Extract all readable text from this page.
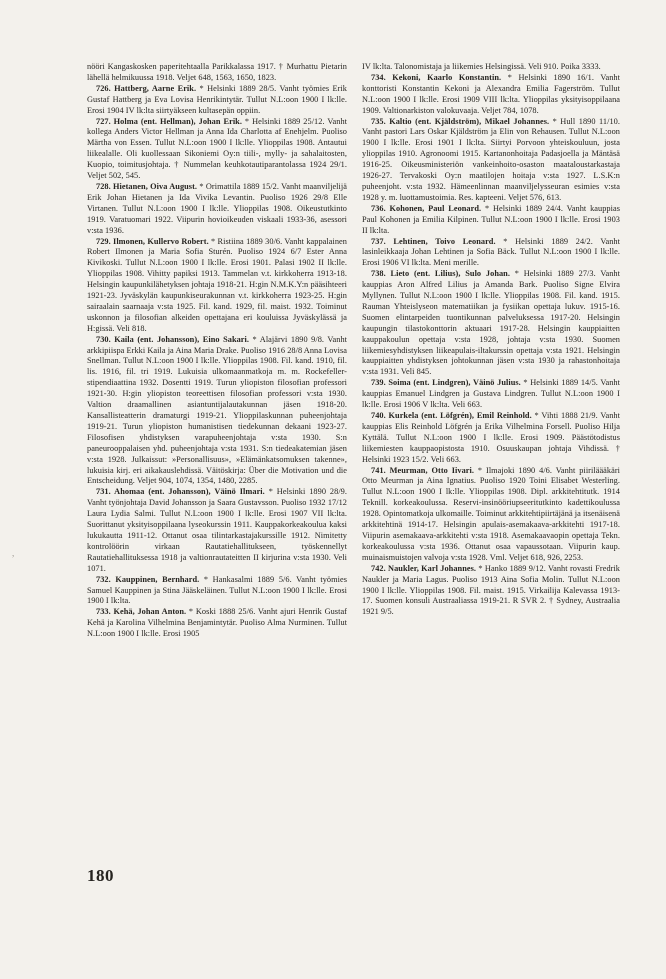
,

nööri Kangaskosken paperitehtaalla Parikkalassa 1917. † Murhattu Pietarin lähellä helmikuussa 1918. Veljet 648, 1563, 1650, 1823.

726. Hattberg, Aarne Erik. * Helsinki 1889 28/5. Vanht työmies Erik Gustaf Hattberg ja Eva Lovisa Henrikintytär. Tullut N.L:oon 1900 I lk:lle. Erosi 1904 IV lk:lta siirtyäkseen kultasepän oppiin.

727. Holma (ent. Hellman), Johan Erik. * Helsinki 1889 25/12. Vanht kollega Anders Victor Hellman ja Anna Ida Charlotta af Enehjelm. Puoliso Märtha von Essen. Tullut N.L:oon 1900 I lk:lle. Ylioppilas 1908. Antautui liikealalle. Oli kuollessaan Sikoniemi Oy:n tiili-, mylly- ja sahalaitosten, Kuopio, toimitusjohtaja. † Nummelan keuhkotautiparantolassa 1924 29/1. Veljet 502, 545.

728. Hietanen, Oiva August. * Orimattila 1889 15/2. Vanht maanviljelijä Erik Johan Hietanen ja Ida Vivika Levantin. Puoliso 1926 29/8 Elle Virtanen. Tullut N.L:oon 1900 I lk:lle. Ylioppilas 1908. Oikeustutkinto 1919. Varatuomari 1922. Viipurin hovioikeuden viskaali 1933-36, asessori v:sta 1936.

729. Ilmonen, Kullervo Robert. * Ristiina 1889 30/6. Vanht kappalainen Robert Ilmonen ja Maria Sofia Sturén. Puoliso 1924 6/7 Ester Anna Kivikoski. Tullut N.L:oon 1900 I lk:lle. Erosi 1901. Palasi 1902 II lk:lle. Ylioppilas 1908. Vihitty papiksi 1913. Tammelan v.t. kirkkoherra 1913-18. Helsingin kaupunkilähetyksen johtaja 1918-21. H:gin N.M.K.Y:n pääsihteeri 1921-23. Jyväskylän kaupunkiseurakunnan v.t. kirkkoherra 1923-25. H:gin sairaalain saarnaaja v:sta 1925. Fil. kand. 1929, fil. maist. 1932. Toiminut uskonnon ja filosofian alkeiden opettajana eri kouluissa Jyväskylässä ja H:gissä. Veli 818.

730. Kaila (ent. Johansson), Eino Sakari. * Alajärvi 1890 9/8. Vanht arkkipiispa Erkki Kaila ja Aina Maria Drake. Puoliso 1916 28/8 Anna Lovisa Snellman. Tullut N.L:oon 1900 I lk:lle. Ylioppilas 1908. Fil. kand. 1910, fil. lis. 1916, fil. tri 1919. Lukuisia ulkomaanmatkoja m. m. Rockefeller-stipendiaattina 1932. Dosentti 1919. Turun yliopiston filosofian professori 1921-30. H:gin yliopiston teoreettisen filosofian professori v:sta 1930. Valtion draamallinen asiantuntijalautakunnan jäsen 1918-20. Kansallisteatterin dramaturgi 1919-21. Ylioppilaskunnan puheenjohtaja 1919-21. Turun yliopiston humanistisen tiedekunnan dekaani 1923-27. Filosofisen yhdistyksen varapuheenjohtaja v:sta 1930. S:n paneurooppalaisen yhd. puheenjohtaja v:sta 1931. S:n tiedeakatemian jäsen v:sta 1928. Julkaissut: »Personallisuus», »Elämänkatsomuksen takenne», lukuisia kirj. eri aikakauslehdissä. Väitöskirja: Über die Motivation und die Entscheidung. Veljet 904, 1074, 1354, 1480, 2285.

731. Ahomaa (ent. Johansson), Väinö Ilmari. * Helsinki 1890 28/9. Vanht työnjohtaja David Johansson ja Saara Gustavsson. Puoliso 1932 17/12 Laura Lydia Salmi. Tullut N.L:oon 1900 I lk:lle. Erosi 1907 VII lk:lta. Suorittanut yksityisoppilaana lyseokurssin 1911. Kauppakorkeakoulua kaksi lukukautta 1911-12. Ottanut osaa tilintarkastajakurssille 1912. Nimitetty kontrolöörin virkaan Rautatiehallitukseen, työskennellyt Rautatiehallituksessa 1918 ja valtionrautateitten II kirjurina v:sta 1930. Veli 1071.

732. Kauppinen, Bernhard. * Hankasalmi 1889 5/6. Vanht työmies Samuel Kauppinen ja Stina Jääskeläinen. Tullut N.L:oon 1900 I lk:lle. Erosi 1900 I lk:lta.

733. Kehä, Johan Anton. * Koski 1888 25/6. Vanht ajuri Henrik Gustaf Kehä ja Karolina Vilhelmina Benjamintytär. Puoliso Alma Nurminen. Tullut N.L:oon 1900 I lk:lle. Erosi 1905

IV lk:lta. Talonomistaja ja liikemies Helsingissä. Veli 910. Poika 3333.

734. Kekoni, Kaarlo Konstantin. * Helsinki 1890 16/1. Vanht konttoristi Konstantin Kekoni ja Alexandra Emilia Fagerström. Tullut N.L:oon 1900 I lk:lle. Erosi 1909 VIII lk:lta. Ylioppilas yksityisoppilaana 1909. Valtionarkiston valokuvaaja. Veljet 784, 1078.

735. Kaltio (ent. Kjäldström), Mikael Johannes. * Hull 1890 11/10. Vanht pastori Lars Oskar Kjäldström ja Elin von Rehausen. Tullut N.L:oon 1900 I lk:lle. Erosi 1901 I lk:lta. Siirtyi Porvoon yhteiskouluun, josta ylioppilas 1910. Agronoomi 1915. Kartanonhoitaja Padasjoella ja Mäntäsä 1916-25. Oikeusministeriön vankeinhoito-osaston maataloustarkastaja 1926-27. Tervakoski Oy:n maatilojen hoitaja v:sta 1927. L.S.K:n puheenjoht. v:sta 1932. Hämeenlinnan maanviljelysseuran esimies v:sta 1928 y. m. luottamustoimia. Res. kapteeni. Veljet 576, 613.

736. Kohonen, Paul Leonard. * Helsinki 1889 24/4. Vanht kauppias Paul Kohonen ja Emilia Kilpinen. Tullut N.L:oon 1900 I lk:lle. Erosi 1903 II lk:lta.

737. Lehtinen, Toivo Leonard. * Helsinki 1889 24/2. Vanht lasinleikkaaja Johan Lehtinen ja Sofia Bäck. Tullut N.L:oon 1900 I lk:lle. Erosi 1906 VI lk:lta. Meni merille.

738. Lieto (ent. Lilius), Sulo Johan. * Helsinki 1889 27/3. Vanht kauppias Aron Alfred Lilius ja Amanda Bark. Puoliso Signe Elvira Myllynen. Tullut N.L:oon 1900 I lk:lle. Ylioppilas 1908. Fil. kand. 1915. Rauman Yhteislyseon matematiikan ja fysiikan opettaja lukuv. 1915-16. Suomen elintarpeiden tuontikunnan palveluksessa 1917-20. Helsingin kaupungin tilastokonttorin aktuaari 1917-28. Helsingin kauppiaitten kauppakoulun opettaja v:sta 1928, johtaja v:sta 1930. Suomen liikemiesyhdistyksen liikeapulais-iltakurssin opettaja v:sta 1921. Helsingin kauppiaitten yhdistyksen johtokunnan jäsen v:sta 1930 ja rahastonhoitaja v:sta 1931. Veli 845.

739. Soima (ent. Lindgren), Väinö Julius. * Helsinki 1889 14/5. Vanht kauppias Emanuel Lindgren ja Gustava Lindgren. Tullut N.L:oon 1900 I lk:lle. Erosi 1906 V lk:lta. Veli 663.

740. Kurkela (ent. Löfgrén), Emil Reinhold. * Vihti 1888 21/9. Vanht kauppias Elis Reinhold Löfgrén ja Erika Vilhelmina Forsell. Puoliso Hilja Kyttälä. Tullut N.L:oon 1900 I lk:lle. Erosi 1909. Päästötodistus liikemiesten kauppaopistosta 1910. Osuuskaupan johtaja Vihdissä. † Helsinki 1923 15/2. Veli 663.

741. Meurman, Otto Iivari. * Ilmajoki 1890 4/6. Vanht piiriläääkäri Otto Meurman ja Aina Ignatius. Puoliso 1920 Toini Elisabet Westerling. Tullut N.L:oon 1900 I lk:lle. Ylioppilas 1908. Dipl. arkkitehtitutk. 1914 Teknill. korkeakoulussa. Reservi-insinööriupseeritutkinto kadettikoulussa 1928. Opintomatkoja ulkomaille. Toiminut arkkitehtipiirtäjänä ja itsenäisenä arkkitehtinä 1914-17. Helsingin apulais-asemakaava-arkkitehti 1917-18. Viipurin asemakaava-arkkitehti v:sta 1918. Asemakaavaopin opettaja Tekn. korkeakoulussa v:sta 1936. Ottanut osaa vapaussotaan. Viipurin kaup. muinaismuistojen valvoja v:sta 1928. Vml. Veljet 618, 926, 2253.

742. Naukler, Karl Johannes. * Hanko 1889 9/12. Vanht rovasti Fredrik Naukler ja Maria Lagus. Puoliso 1913 Aina Sofia Molin. Tullut N.L:oon 1900 I lk:lle. Ylioppilas 1908. Fil. maist. 1915. Virkailija Kalevassa 1913-17. Suomen konsuli Austraaliassa 1919-21. R SVR 2. † Sydney, Austraalia 1921 9/5.

180
